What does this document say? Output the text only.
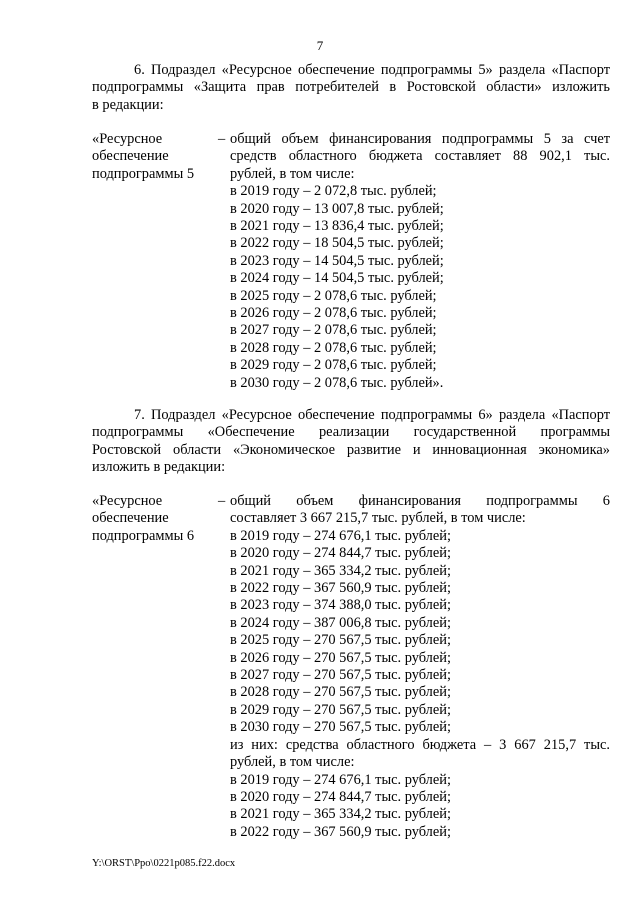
7
6. Подраздел «Ресурсное обеспечение подпрограммы 5» раздела «Паспорт
подпрограммы «Защита прав потребителей в Ростовской области» изложить
в редакции:
«Ресурсное
обеспечение
подпрограммы 5
– общий объем финансирования подпрограммы 5 за счет
средств областного бюджета составляет 88 902,1 тыс.
рублей, в том числе:
в 2019 году – 2 072,8 тыс. рублей;
в 2020 году – 13 007,8 тыс. рублей;
в 2021 году – 13 836,4 тыс. рублей;
в 2022 году – 18 504,5 тыс. рублей;
в 2023 году – 14 504,5 тыс. рублей;
в 2024 году – 14 504,5 тыс. рублей;
в 2025 году – 2 078,6 тыс. рублей;
в 2026 году – 2 078,6 тыс. рублей;
в 2027 году – 2 078,6 тыс. рублей;
в 2028 году – 2 078,6 тыс. рублей;
в 2029 году – 2 078,6 тыс. рублей;
в 2030 году – 2 078,6 тыс. рублей».
7. Подраздел «Ресурсное обеспечение подпрограммы 6» раздела «Паспорт
подпрограммы «Обеспечение реализации государственной программы
Ростовской области «Экономическое развитие и инновационная экономика»
изложить в редакции:
«Ресурсное
обеспечение
подпрограммы 6
– общий объем финансирования подпрограммы 6
составляет 3 667 215,7 тыс. рублей, в том числе:
в 2019 году – 274 676,1 тыс. рублей;
в 2020 году – 274 844,7 тыс. рублей;
в 2021 году – 365 334,2 тыс. рублей;
в 2022 году – 367 560,9 тыс. рублей;
в 2023 году – 374 388,0 тыс. рублей;
в 2024 году – 387 006,8 тыс. рублей;
в 2025 году – 270 567,5 тыс. рублей;
в 2026 году – 270 567,5 тыс. рублей;
в 2027 году – 270 567,5 тыс. рублей;
в 2028 году – 270 567,5 тыс. рублей;
в 2029 году – 270 567,5 тыс. рублей;
в 2030 году – 270 567,5 тыс. рублей;
из них: средства областного бюджета – 3 667 215,7 тыс.
рублей, в том числе:
в 2019 году – 274 676,1 тыс. рублей;
в 2020 году – 274 844,7 тыс. рублей;
в 2021 году – 365 334,2 тыс. рублей;
в 2022 году – 367 560,9 тыс. рублей;
Y:\ORST\Ppo\0221p085.f22.docx
